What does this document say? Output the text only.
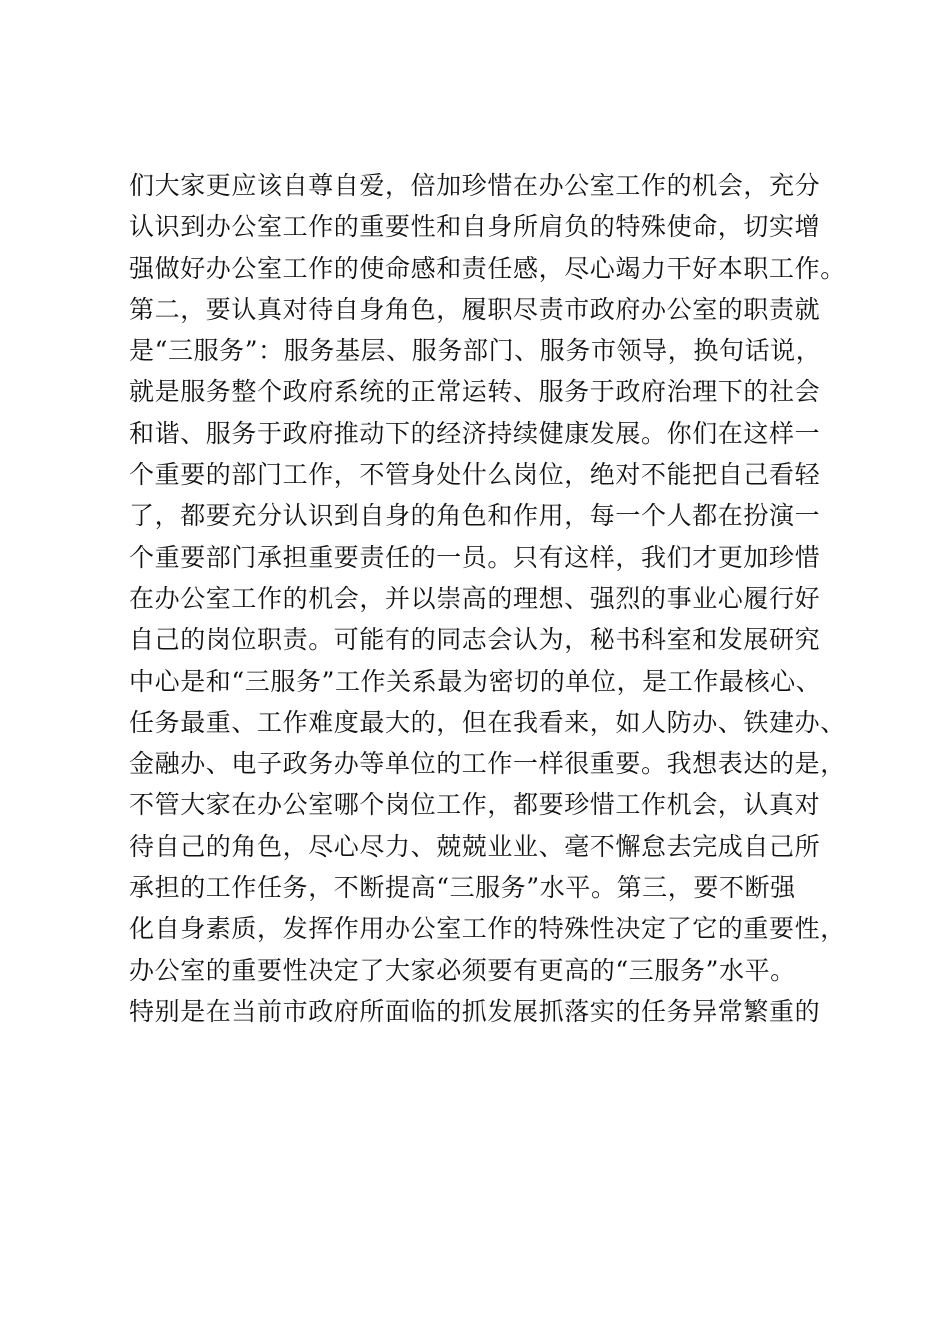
们大家更应该自尊自爱，倍加珍惜在办公室工作的机会，充分
认识到办公室工作的重要性和自身所肩负的特殊使命，切实增
强做好办公室工作的使命感和责任感，尽心竭力干好本职工作。
第二，要认真对待自身角色，履职尽责市政府办公室的职责就
是“三服务”：服务基层、服务部门、服务市领导，换句话说，
就是服务整个政府系统的正常运转、服务于政府治理下的社会
和谐、服务于政府推动下的经济持续健康发展。你们在这样一
个重要的部门工作，不管身处什么岗位，绝对不能把自己看轻
了，都要充分认识到自身的角色和作用，每一个人都在扮演一
个重要部门承担重要责任的一员。只有这样，我们才更加珍惜
在办公室工作的机会，并以崇高的理想、强烈的事业心履行好
自己的岗位职责。可能有的同志会认为，秘书科室和发展研究
中心是和“三服务”工作关系最为密切的单位，是工作最核心、
任务最重、工作难度最大的，但在我看来，如人防办、铁建办、
金融办、电子政务办等单位的工作一样很重要。我想表达的是，
不管大家在办公室哪个岗位工作，都要珍惜工作机会，认真对
待自己的角色，尽心尽力、兢兢业业、毫不懈怠去完成自己所
承担的工作任务，不断提高“三服务”水平。第三，要不断强
化自身素质，发挥作用办公室工作的特殊性决定了它的重要性，
办公室的重要性决定了大家必须要有更高的“三服务”水平。
特别是在当前市政府所面临的抓发展抓落实的任务异常繁重的
